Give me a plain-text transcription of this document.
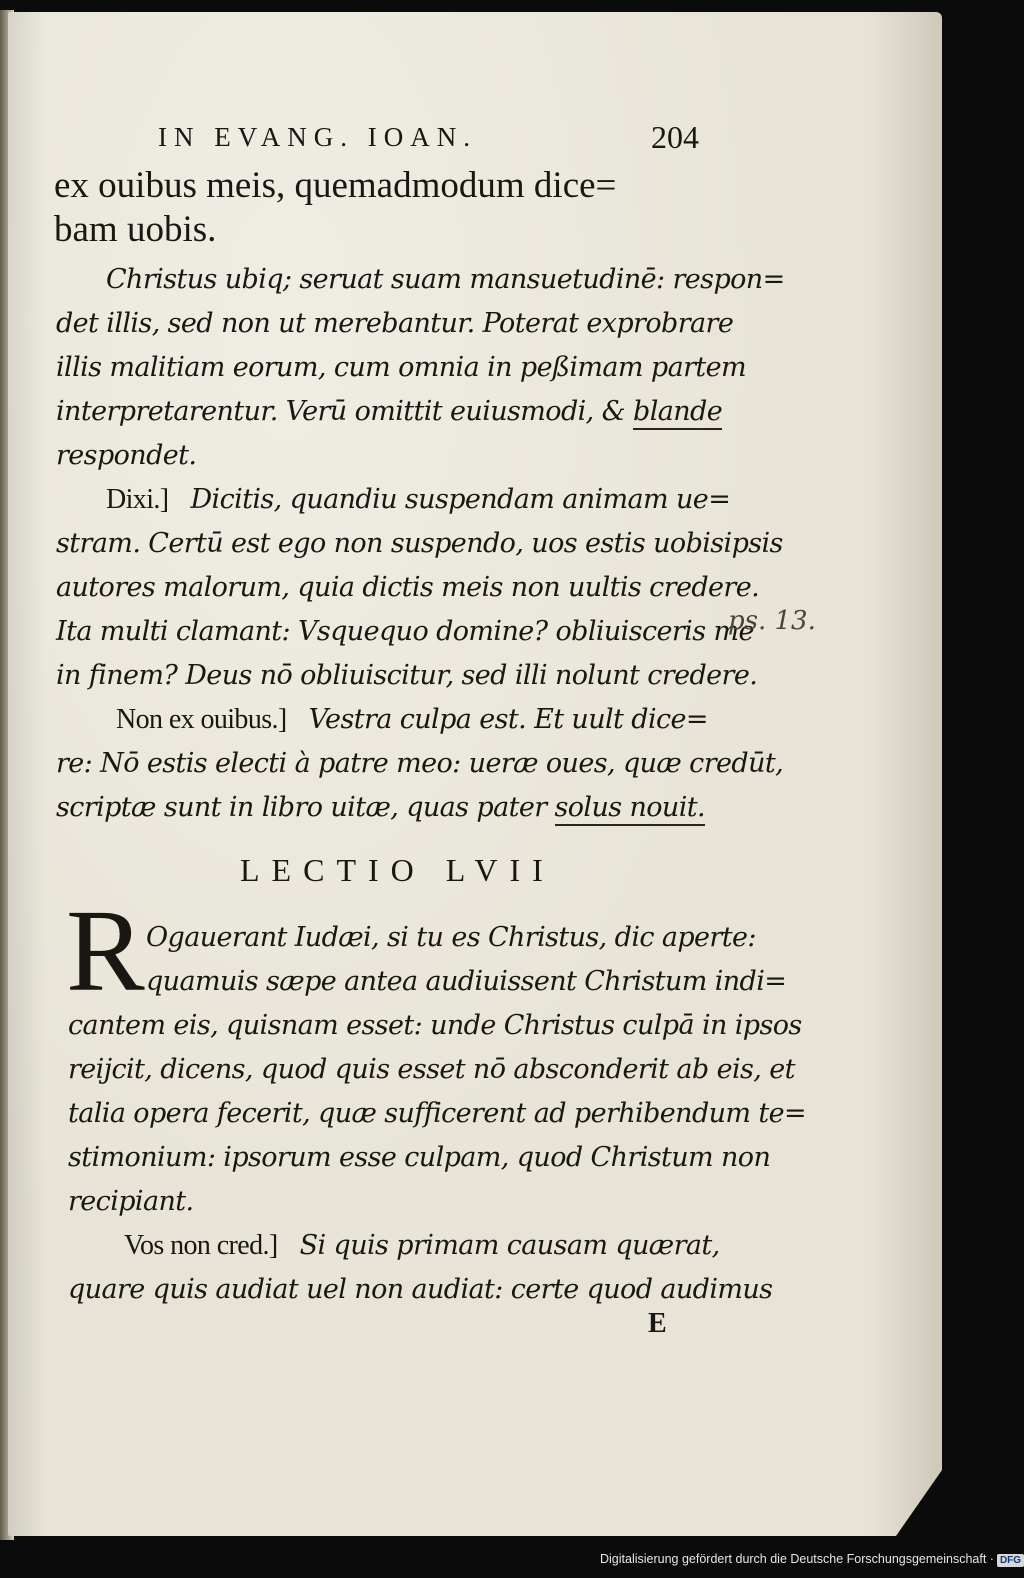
IN EVANG. IOAN.	204
ex ouibus meis, quemadmodum dice=
bam uobis.
Christus ubiq; seruat suam mansuetudinē: respon=
det illis, sed non ut merebantur. Poterat exprobrare
illis malitiam eorum, cum omnia in peßimam partem
interpretarentur. Verū omittit euiusmodi, & blande
respondet.
Dixi.] Dicitis, quandiu suspendam animam ue=
stram. Certū est ego non suspendo, uos estis uobisipsis
autores malorum, quia dictis meis non uultis credere.
Ita multi clamant: Vsquequo domine? obliuisceris me
in finem? Deus nō obliuiscitur, sed illi nolunt credere.
ps. 13.
Non ex ouibus.] Vestra culpa est. Et uult dice=
re: Nō estis electi à patre meo: ueræ oues, quæ credūt,
scriptæ sunt in libro uitæ, quas pater solus nouit.
LECTIO LVII
R Ogauerant Iudæi, si tu es Christus, dic aperte:
quamuis sæpe antea audiuissent Christum indi=
cantem eis, quisnam esset: unde Christus culpā in ipsos
reijcit, dicens, quod quis esset nō absconderit ab eis, et
talia opera fecerit, quæ sufficerent ad perhibendum te=
stimonium: ipsorum esse culpam, quod Christum non
recipiant.
Vos non cred.] Si quis primam causam quærat,
quare quis audiat uel non audiat: certe quod audimus
E
Digitalisierung gefördert durch die Deutsche Forschungsgemeinschaft · DFG
